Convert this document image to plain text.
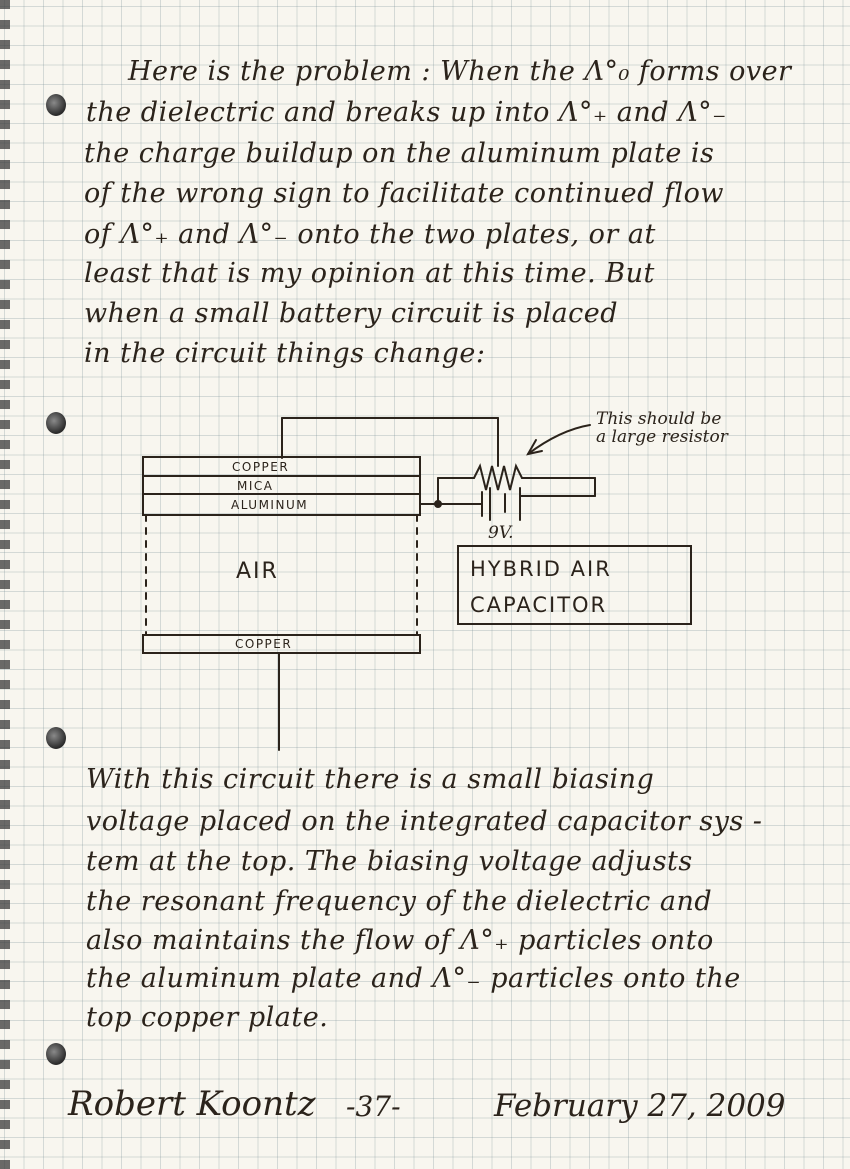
Here is the problem : When the Λ°₀ forms over
the dielectric and breaks up into Λ°₊ and Λ°₋
the charge buildup on the aluminum plate is
of the wrong sign to facilitate continued flow
of Λ°₊ and Λ°₋ onto the two plates, or at
least that is my opinion at this time. But
when a small battery circuit is placed
in the circuit things change:
COPPER
MICA
ALUMINUM
AIR
COPPER
9V.
HYBRID AIR
CAPACITOR
This should be
a large resistor
With this circuit there is a small biasing
voltage placed on the integrated capacitor sys -
tem at the top. The biasing voltage adjusts
the resonant frequency of the dielectric and
also maintains the flow of Λ°₊ particles onto
the aluminum plate and Λ°₋ particles onto the
top copper plate.
Robert Koontz -37-	February 27, 2009
